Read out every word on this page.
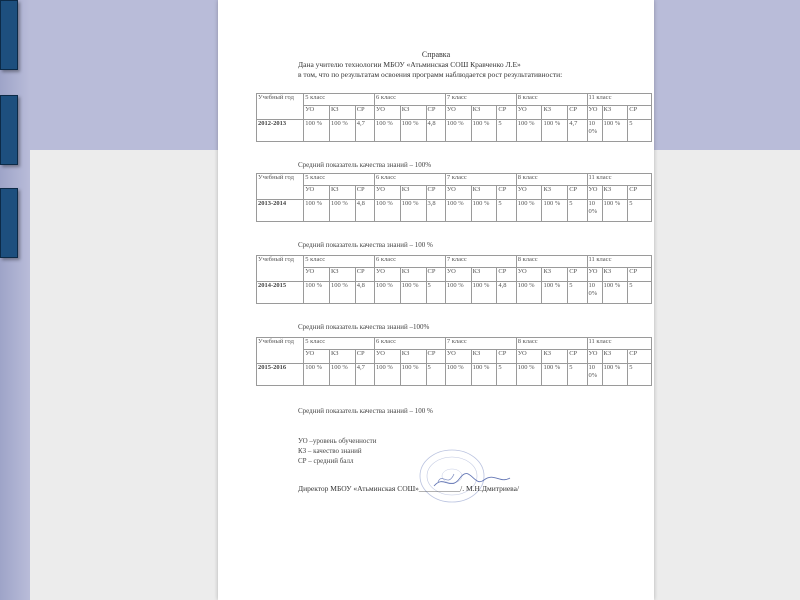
Справка
Дана учителю технологии МБОУ «Атьминская СОШ Кравченко Л.Е»
в том, что по результатам освоения программ наблюдается рост результативности:
Учебный год	5 класс			6 класс			7 класс			8 класс			11 класс		
	УО	КЗ	СР	УО	КЗ	СР	УО	КЗ	СР	УО	КЗ	СР	УО	КЗ	СР
2012-2013	100 %	100 %	4,7	100 %	100 %	4,8	100 %	100 %	5	100 %	100 %	4,7	10 0%	100 %	5
Средний показатель качества знаний – 100%
Учебный год	5 класс			6 класс			7 класс			8 класс			11 класс		
	УО	КЗ	СР	УО	КЗ	СР	УО	КЗ	СР	УО	КЗ	СР	УО	КЗ	СР
2013-2014	100 %	100 %	4,8	100 %	100 %	3,8	100 %	100 %	5	100 %	100 %	5	10 0%	100 %	5
Средний показатель качества знаний – 100 %
Учебный год	5 класс			6 класс			7 класс			8 класс			11 класс		
	УО	КЗ	СР	УО	КЗ	СР	УО	КЗ	СР	УО	КЗ	СР	УО	КЗ	СР
2014-2015	100 %	100 %	4,8	100 %	100 %	5	100 %	100 %	4,8	100 %	100 %	5	10 0%	100 %	5
Средний показатель качества знаний –100%
Учебный год	5 класс			6 класс			7 класс			8 класс			11 класс		
	УО	КЗ	СР	УО	КЗ	СР	УО	КЗ	СР	УО	КЗ	СР	УО	КЗ	СР
2015-2016	100 %	100 %	4,7	100 %	100 %	5	100 %	100 %	5	100 %	100 %	5	10 0%	100 %	5
Средний показатель качества знаний – 100 %
УО –уровень обученности
КЗ – качество знаний
СР – средний балл
Директор МБОУ «Атьминская СОШ»___________/. М.Н.Дмитриева/
